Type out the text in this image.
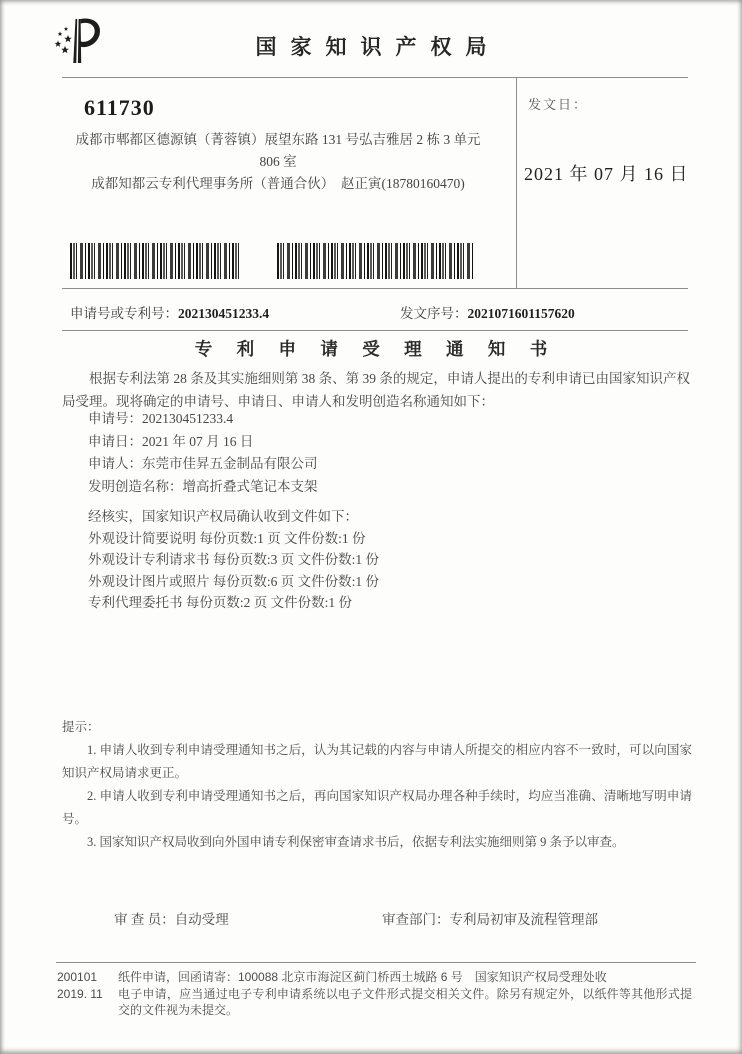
国家知识产权局
611730
成都市郫都区德源镇（菁蓉镇）展望东路 131 号弘吉雅居 2 栋 3 单元
806 室
成都知都云专利代理事务所（普通合伙）　赵正寅(18780160470)
发文日：
2021 年 07 月 16 日
申请号或专利号：202130451233.4	发文序号：2021071601157620
专 利 申 请 受 理 通 知 书
根据专利法第 28 条及其实施细则第 38 条、第 39 条的规定，申请人提出的专利申请已由国家知识产权局受理。现将确定的申请号、申请日、申请人和发明创造名称通知如下：
申请号：202130451233.4
申请日：2021 年 07 月 16 日
申请人：东莞市佳昇五金制品有限公司
发明创造名称：增高折叠式笔记本支架
经核实，国家知识产权局确认收到文件如下：
外观设计简要说明 每份页数:1 页 文件份数:1 份
外观设计专利请求书 每份页数:3 页 文件份数:1 份
外观设计图片或照片 每份页数:6 页 文件份数:1 份
专利代理委托书 每份页数:2 页 文件份数:1 份
提示：
1. 申请人收到专利申请受理通知书之后，认为其记载的内容与申请人所提交的相应内容不一致时，可以向国家知识产权局请求更正。
2. 申请人收到专利申请受理通知书之后，再向国家知识产权局办理各种手续时，均应当准确、清晰地写明申请号。
3. 国家知识产权局收到向外国申请专利保密审查请求书后，依据专利法实施细则第 9 条予以审查。
审 查 员：自动受理	审查部门：专利局初审及流程管理部
200101
2019. 11
纸件申请，回函请寄：100088 北京市海淀区蓟门桥西土城路 6 号　国家知识产权局受理处收
电子申请，应当通过电子专利申请系统以电子文件形式提交相关文件。除另有规定外，以纸件等其他形式提交的文件视为未提交。
